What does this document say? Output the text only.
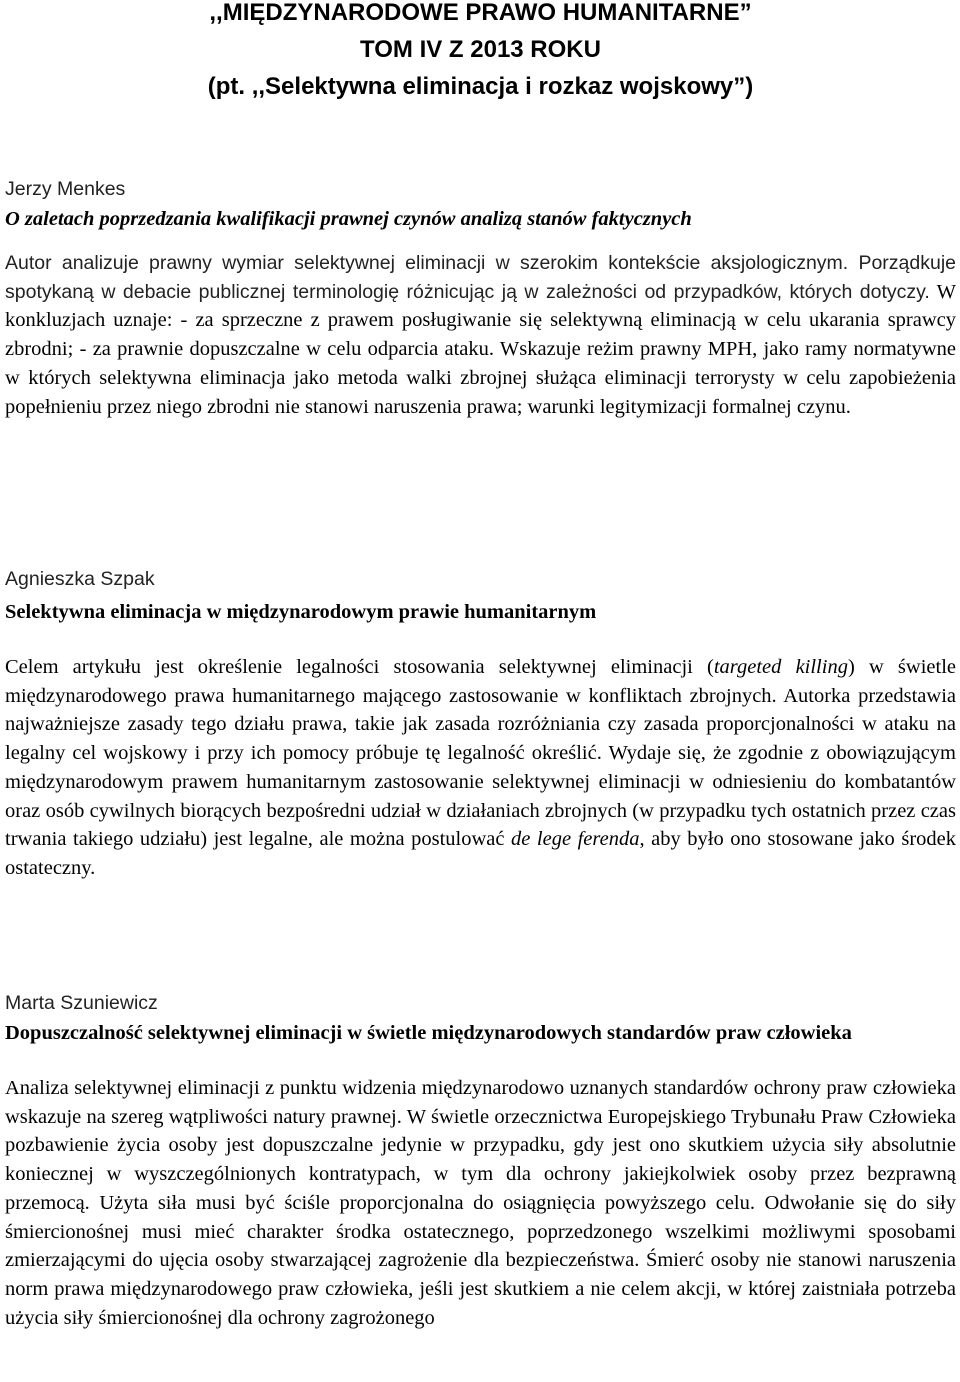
,,MIĘDZYNARODOWE PRAWO HUMANITARNE”

TOM IV Z 2013 ROKU

(pt. ,,Selektywna eliminacja i rozkaz wojskowy”)

Jerzy Menkes

O zaletach poprzedzania kwalifikacji prawnej czynów analizą stanów faktycznych

Autor analizuje prawny wymiar selektywnej eliminacji w szerokim kontekście aksjologicznym. Porządkuje spotykaną w debacie publicznej terminologię różnicując ją w zależności od przypadków, których dotyczy. W konkluzjach uznaje: - za sprzeczne z prawem posługiwanie się selektywną eliminacją w celu ukarania sprawcy zbrodni; - za prawnie dopuszczalne w celu odparcia ataku. Wskazuje reżim prawny MPH, jako ramy normatywne w których selektywna eliminacja jako metoda walki zbrojnej służąca eliminacji terrorysty w celu zapobieżenia popełnieniu przez niego zbrodni nie stanowi naruszenia prawa; warunki legitymizacji formalnej czynu.

Agnieszka Szpak

Selektywna eliminacja w międzynarodowym prawie humanitarnym

Celem artykułu jest określenie legalności stosowania selektywnej eliminacji (targeted killing) w świetle międzynarodowego prawa humanitarnego mającego zastosowanie w konfliktach zbrojnych. Autorka przedstawia najważniejsze zasady tego działu prawa, takie jak zasada rozróżniania czy zasada proporcjonalności w ataku na legalny cel wojskowy i przy ich pomocy próbuje tę legalność określić. Wydaje się, że zgodnie z obowiązującym międzynarodowym prawem humanitarnym zastosowanie selektywnej eliminacji w odniesieniu do kombatantów oraz osób cywilnych biorących bezpośredni udział w działaniach zbrojnych (w przypadku tych ostatnich przez czas trwania takiego udziału) jest legalne, ale można postulować de lege ferenda, aby było ono stosowane jako środek ostateczny.

Marta Szuniewicz

Dopuszczalność selektywnej eliminacji w świetle międzynarodowych standardów praw człowieka

Analiza selektywnej eliminacji z punktu widzenia międzynarodowo uznanych standardów ochrony praw człowieka wskazuje na szereg wątpliwości natury prawnej. W świetle orzecznictwa Europejskiego Trybunału Praw Człowieka pozbawienie życia osoby jest dopuszczalne jedynie w przypadku, gdy jest ono skutkiem użycia siły absolutnie koniecznej w wyszczególnionych kontratypach, w tym dla ochrony jakiejkolwiek osoby przez bezprawną przemocą. Użyta siła musi być ściśle proporcjonalna do osiągnięcia powyższego celu. Odwołanie się do siły śmiercionośnej musi mieć charakter środka ostatecznego, poprzedzonego wszelkimi możliwymi sposobami zmierzającymi do ujęcia osoby stwarzającej zagrożenie dla bezpieczeństwa. Śmierć osoby nie stanowi naruszenia norm prawa międzynarodowego praw człowieka, jeśli jest skutkiem a nie celem akcji, w której zaistniała potrzeba użycia siły śmiercionośnej dla ochrony zagrożonego
